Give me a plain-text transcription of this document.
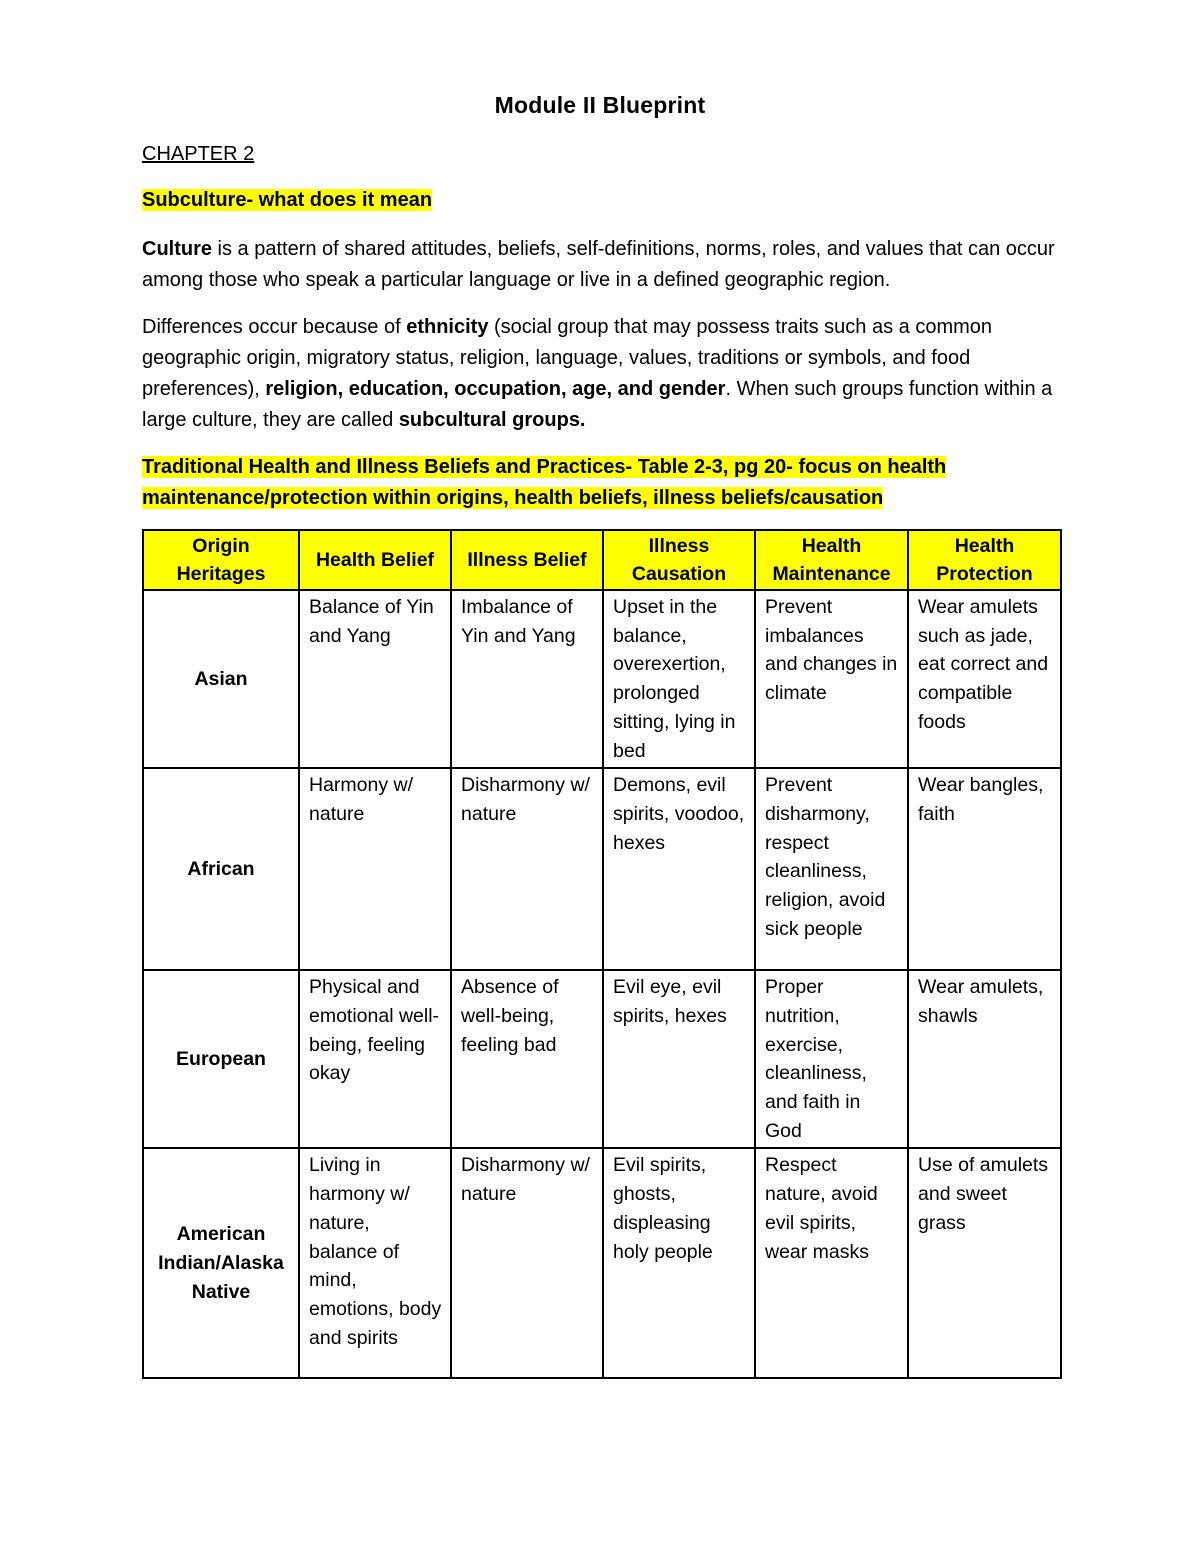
Module II Blueprint
CHAPTER 2
Subculture- what does it mean
Culture is a pattern of shared attitudes, beliefs, self-definitions, norms, roles, and values that can occur among those who speak a particular language or live in a defined geographic region.
Differences occur because of ethnicity (social group that may possess traits such as a common geographic origin, migratory status, religion, language, values, traditions or symbols, and food preferences), religion, education, occupation, age, and gender. When such groups function within a large culture, they are called subcultural groups.
Traditional Health and Illness Beliefs and Practices- Table 2-3, pg 20- focus on health maintenance/protection within origins, health beliefs, illness beliefs/causation
Origin Heritages	Health Belief	Illness Belief	Illness Causation	Health Maintenance	Health Protection
Asian	Balance of Yin and Yang	Imbalance of Yin and Yang	Upset in the balance, overexertion, prolonged sitting, lying in bed	Prevent imbalances and changes in climate	Wear amulets such as jade, eat correct and compatible foods
African	Harmony w/ nature	Disharmony w/ nature	Demons, evil spirits, voodoo, hexes	Prevent disharmony, respect cleanliness, religion, avoid sick people	Wear bangles, faith
European	Physical and emotional well-being, feeling okay	Absence of well-being, feeling bad	Evil eye, evil spirits, hexes	Proper nutrition, exercise, cleanliness, and faith in God	Wear amulets, shawls
American Indian/Alaska Native	Living in harmony w/ nature, balance of mind, emotions, body and spirits	Disharmony w/ nature	Evil spirits, ghosts, displeasing holy people	Respect nature, avoid evil spirits, wear masks	Use of amulets and sweet grass
